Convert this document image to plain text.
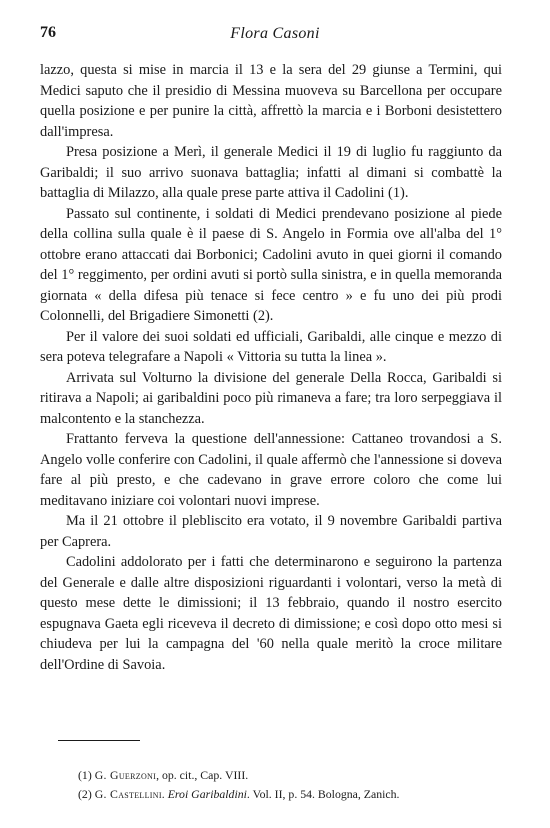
76	Flora Casoni

lazzo, questa si mise in marcia il 13 e la sera del 29 giunse a Termini, qui Medici saputo che il presidio di Messina muoveva su Barcellona per occupare quella posizione e per punire la città, affrettò la marcia e i Borboni desistettero dall'impresa.

Presa posizione a Merì, il generale Medici il 19 di luglio fu raggiunto da Garibaldi; il suo arrivo suonava battaglia; infatti al dimani si combattè la battaglia di Milazzo, alla quale prese parte attiva il Cadolini (1).

Passato sul continente, i soldati di Medici prendevano posizione al piede della collina sulla quale è il paese di S. Angelo in Formia ove all'alba del 1° ottobre erano attaccati dai Borbonici; Cadolini avuto in quei giorni il comando del 1° reggimento, per ordini avuti si portò sulla sinistra, e in quella memoranda giornata « della difesa più tenace si fece centro » e fu uno dei più prodi Colonnelli, del Brigadiere Simonetti (2).

Per il valore dei suoi soldati ed ufficiali, Garibaldi, alle cinque e mezzo di sera poteva telegrafare a Napoli « Vittoria su tutta la linea ».

Arrivata sul Volturno la divisione del generale Della Rocca, Garibaldi si ritirava a Napoli; ai garibaldini poco più rimaneva a fare; tra loro serpeggiava il malcontento e la stanchezza.

Frattanto ferveva la questione dell'annessione: Cattaneo trovandosi a S. Angelo volle conferire con Cadolini, il quale affermò che l'annessione si doveva fare al più presto, e che cadevano in grave errore coloro che come lui meditavano iniziare coi volontari nuovi imprese.

Ma il 21 ottobre il plebliscito era votato, il 9 novembre Garibaldi partiva per Caprera.

Cadolini addolorato per i fatti che determinarono e seguirono la partenza del Generale e dalle altre disposizioni riguardanti i volontari, verso la metà di questo mese dette le dimissioni; il 13 febbraio, quando il nostro esercito espugnava Gaeta egli riceveva il decreto di dimissione; e così dopo otto mesi si chiudeva per lui la campagna del '60 nella quale meritò la croce militare dell'Ordine di Savoia.

(1) G. Guerzoni, op. cit., Cap. VIII.
(2) G. Castellini. Eroi Garibaldini. Vol. II, p. 54. Bologna, Zanich.
